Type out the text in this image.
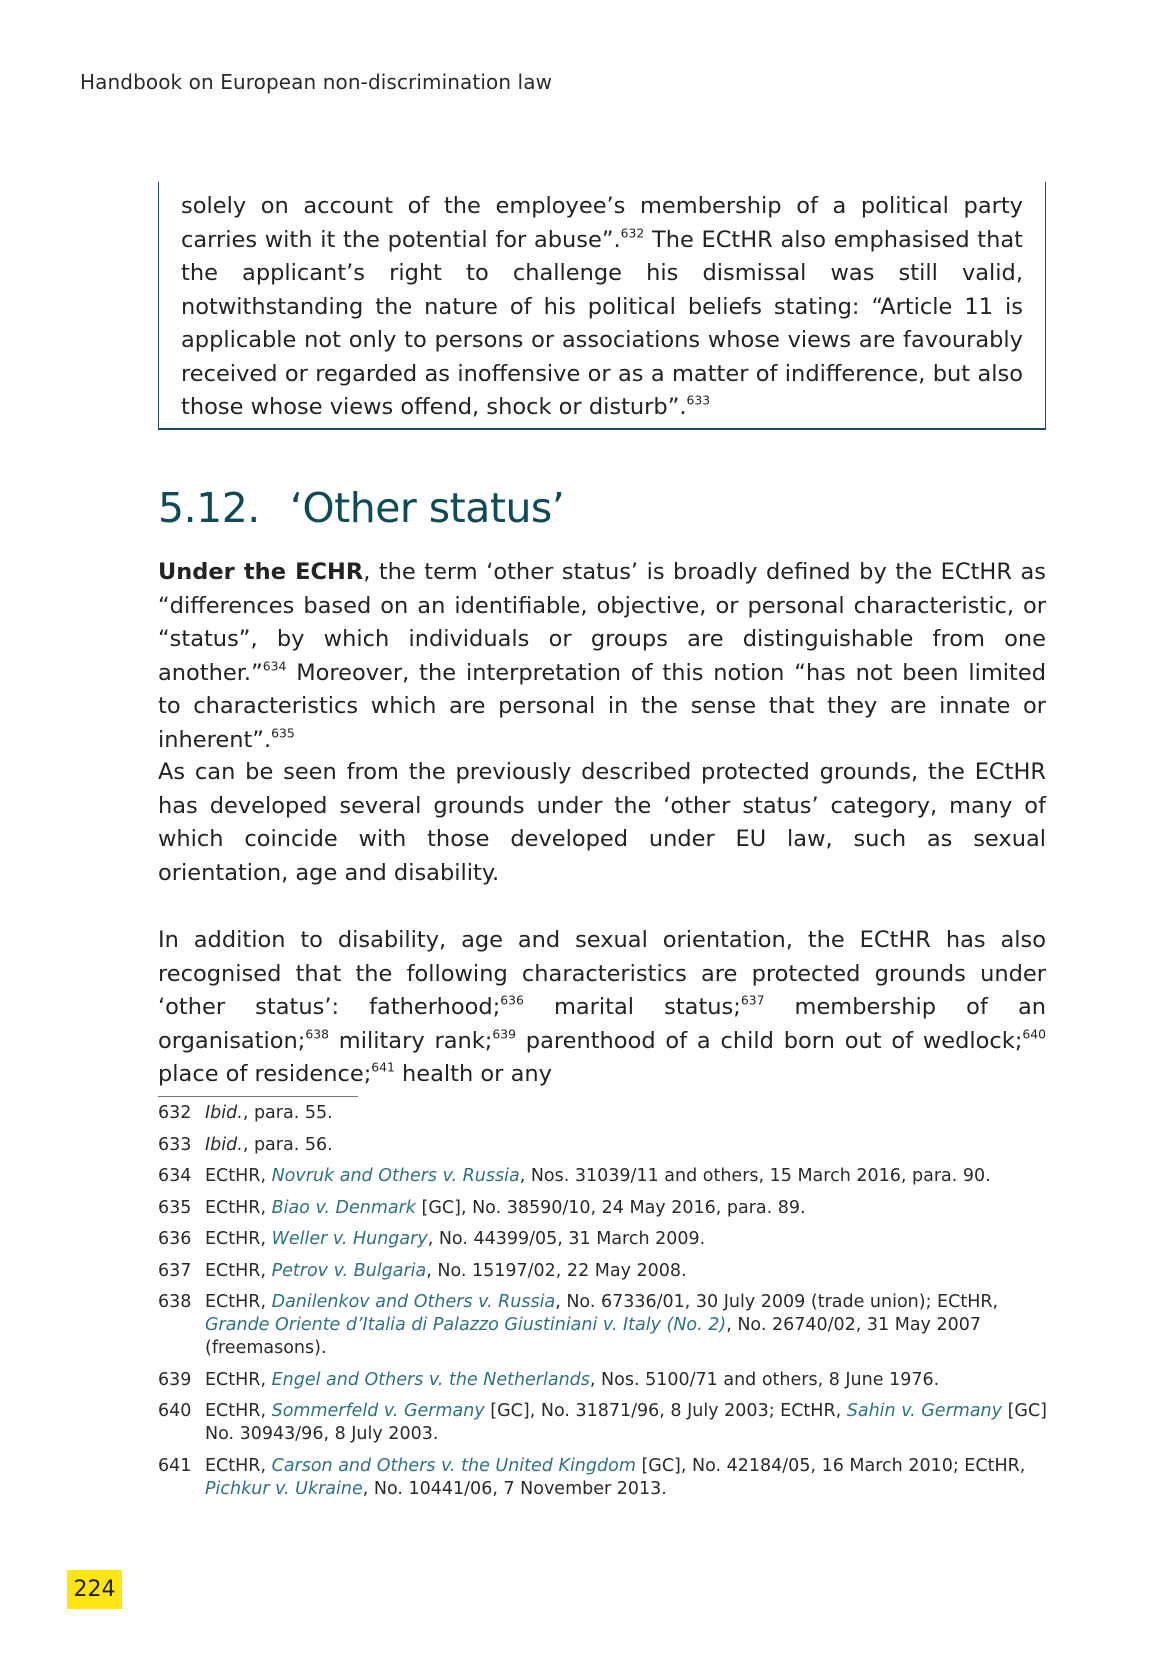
Handbook on European non-discrimination law
solely on account of the employee’s membership of a political party carries with it the potential for abuse”.$^{632}$ The ECtHR also emphasised that the applicant’s right to challenge his dismissal was still valid, notwithstanding the nature of his political beliefs stating: “Article 11 is applicable not only to persons or associations whose views are favourably received or regarded as inoffensive or as a matter of indifference, but also those whose views offend, shock or disturb”.$^{633}$
5.12. ‘Other status’

Under the ECHR, the term ‘other status’ is broadly defined by the ECtHR as “differences based on an identifiable, objective, or personal characteristic, or “status”, by which individuals or groups are distinguishable from one another.”$^{634}$ Moreover, the interpretation of this notion “has not been limited to characteristics which are personal in the sense that they are innate or inherent”.$^{635}$

As can be seen from the previously described protected grounds, the ECtHR has developed several grounds under the ‘other status’ category, many of which coincide with those developed under EU law, such as sexual orientation, age and disability.

In addition to disability, age and sexual orientation, the ECtHR has also recognised that the following characteristics are protected grounds under ‘other status’: fatherhood;$^{636}$ marital status;$^{637}$ membership of an organisation;$^{638}$ military rank;$^{639}$ parenthood of a child born out of wedlock;$^{640}$ place of residence;$^{641}$ health or any

632 Ibid., para. 55.
633 Ibid., para. 56.
634 ECtHR, Novruk and Others v. Russia, Nos. 31039/11 and others, 15 March 2016, para. 90.
635 ECtHR, Biao v. Denmark [GC], No. 38590/10, 24 May 2016, para. 89.
636 ECtHR, Weller v. Hungary, No. 44399/05, 31 March 2009.
637 ECtHR, Petrov v. Bulgaria, No. 15197/02, 22 May 2008.
638 ECtHR, Danilenkov and Others v. Russia, No. 67336/01, 30 July 2009 (trade union); ECtHR, Grande Oriente d’Italia di Palazzo Giustiniani v. Italy (No. 2), No. 26740/02, 31 May 2007 (freemasons).
639 ECtHR, Engel and Others v. the Netherlands, Nos. 5100/71 and others, 8 June 1976.
640 ECtHR, Sommerfeld v. Germany [GC], No. 31871/96, 8 July 2003; ECtHR, Sahin v. Germany [GC] No. 30943/96, 8 July 2003.
641 ECtHR, Carson and Others v. the United Kingdom [GC], No. 42184/05, 16 March 2010; ECtHR, Pichkur v. Ukraine, No. 10441/06, 7 November 2013.
224
